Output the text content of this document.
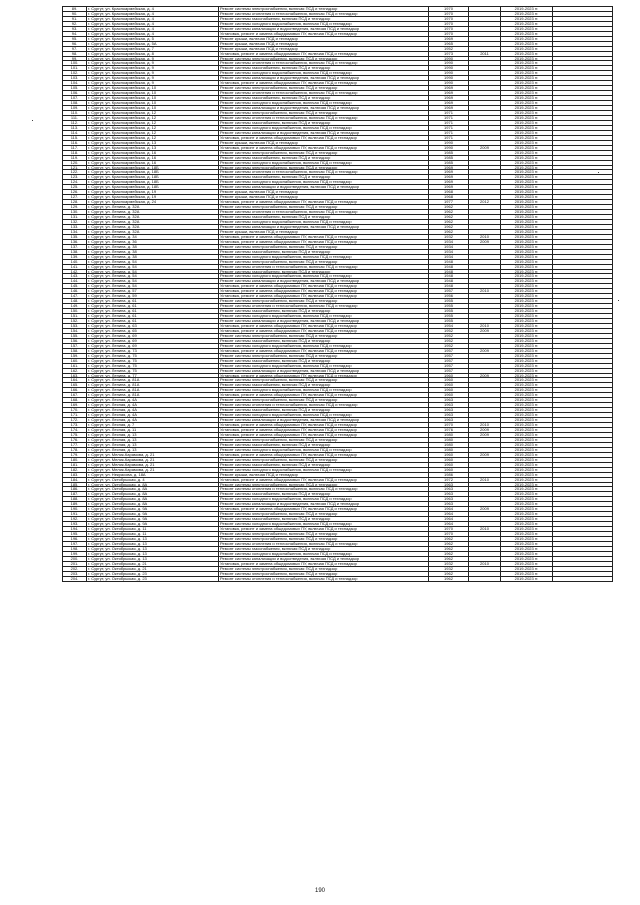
89.	г. Сургут, ул. Красноармейская, д. 4	Ремонт системы электроснабжения, включая ПСД и технадзор	1970		2019-2023 гг.	
90.	г. Сургут, ул. Красноармейская, д. 4	Ремонт системы отопления и теплоснабжения, включая ПСД и технадзор	1970		2019-2023 гг.	
91.	г. Сургут, ул. Красноармейская, д. 4	Ремонт системы газоснабжения, включая ПСД и технадзор	1970		2019-2023 гг.	
92.	г. Сургут, ул. Красноармейская, д. 4	Ремонт системы холодного водоснабжения, включая ПСД и технадзор	1970		2019-2023 гг.	
93.	г. Сургут, ул. Красноармейская, д. 4	Ремонт системы канализации и водоотведения, включая ПСД и технадзор	1970		2019-2023 гг.	
94.	г. Сургут, ул. Красноармейская, д. 4	Установка, ремонт и замена общедомовых ПУ, включая ПСД и технадзор	1970		2019-2023 гг.	
95.	г. Сургут, ул. Красноармейская, д. 5	Ремонт крыши, включая ПСД и технадзор	1969		2019-2023 гг.	
96.	г. Сургут, ул. Красноармейская, д. 5А	Ремонт крыши, включая ПСД и технадзор	1965		2019-2023 гг.	
97.	г. Сургут, ул. Красноармейская, д. 7	Ремонт крыши, включая ПСД и технадзор	1952		2019-2023 гг.	
98.	г. Сургут, ул. Красноармейская, д. 8	Установка, ремонт и замена общедомовых ПУ, включая ПСД и технадзор	1973	2011	2019-2023 гг.	
99.	г. Сургут, ул. Красноармейская, д. 9	Ремонт системы электроснабжения, включая ПСД и технадзор	1990		2019-2023 гг.	
100.	г. Сургут, ул. Красноармейская, д. 9	Ремонт системы отопления и теплоснабжения, включая ПСД и технадзор	1990		2019-2023 гг.	
101.	г. Сургут, ул. Красноармейская, д. 9	Ремонт системы газоснабжения, включая ПСД и технадзор	1990		2019-2023 гг.	
102.	г. Сургут, ул. Красноармейская, д. 9	Ремонт системы холодного водоснабжения, включая ПСД и технадзор	1990		2019-2023 гг.	
103.	г. Сургут, ул. Красноармейская, д. 9	Ремонт системы канализации и водоотведения, включая ПСД и технадзор	1990		2019-2023 гг.	
104.	г. Сургут, ул. Красноармейская, д. 9	Установка, ремонт и замена общедомовых ПУ, включая ПСД и технадзор	1990		2019-2023 гг.	
105.	г. Сургут, ул. Красноармейская, д. 10	Ремонт системы электроснабжения, включая ПСД и технадзор	1969		2019-2023 гг.	
106.	г. Сургут, ул. Красноармейская, д. 10	Ремонт системы отопления и теплоснабжения, включая ПСД и технадзор	1969		2019-2023 гг.	
107.	г. Сургут, ул. Красноармейская, д. 10	Ремонт системы газоснабжения, включая ПСД и технадзор	1969		2019-2023 гг.	
108.	г. Сургут, ул. Красноармейская, д. 10	Ремонт системы холодного водоснабжения, включая ПСД и технадзор	1969		2019-2023 гг.	
109.	г. Сургут, ул. Красноармейская, д. 10	Ремонт системы канализации и водоотведения, включая ПСД и технадзор	1969		2019-2023 гг.	
110.	г. Сургут, ул. Красноармейская, д. 12	Ремонт системы электроснабжения, включая ПСД и технадзор	1971		2019-2023 гг.	
111.	г. Сургут, ул. Красноармейская, д. 12	Ремонт системы отопления и теплоснабжения, включая ПСД и технадзор	1971		2019-2023 гг.	
112.	г. Сургут, ул. Красноармейская, д. 12	Ремонт системы газоснабжения, включая ПСД и технадзор	1971		2019-2023 гг.	
113.	г. Сургут, ул. Красноармейская, д. 12	Ремонт системы холодного водоснабжения, включая ПСД и технадзор	1971		2019-2023 гг.	
114.	г. Сургут, ул. Красноармейская, д. 12	Ремонт системы канализации и водоотведения, включая ПСД и технадзор	1971		2019-2023 гг.	
115.	г. Сургут, ул. Красноармейская, д. 12	Установка, ремонт и замена общедомовых ПУ, включая ПСД и технадзор	1971		2019-2023 гг.	
116.	г. Сургут, ул. Красноармейская, д. 13	Ремонт крыши, включая ПСД и технадзор	1990		2019-2023 гг.	
117.	г. Сургут, ул. Красноармейская, д. 13	Установка, ремонт и замена общедомовых ПУ, включая ПСД и технадзор	1990	2009	2019-2023 гг.	
118.	г. Сургут, ул. Красноармейская, д. 16	Ремонт системы электроснабжения, включая ПСД и технадзор	1985		2019-2023 гг.	
119.	г. Сургут, ул. Красноармейская, д. 16	Ремонт системы газоснабжения, включая ПСД и технадзор	1985		2019-2023 гг.	
120.	г. Сургут, ул. Красноармейская, д. 16	Ремонт системы холодного водоснабжения, включая ПСД и технадзор	1985		2019-2023 гг.	
121.	г. Сургут, ул. Красноармейская, д. 18Б	Ремонт системы электроснабжения, включая ПСД и технадзор	1969		2019-2023 гг.	
122.	г. Сургут, ул. Красноармейская, д. 18Б	Ремонт системы отопления и теплоснабжения, включая ПСД и технадзор	1969		2019-2023 гг.	
123.	г. Сургут, ул. Красноармейская, д. 18Б	Ремонт системы газоснабжения, включая ПСД и технадзор	1969		2019-2023 гг.	
124.	г. Сургут, ул. Красноармейская, д. 18Б	Ремонт системы холодного водоснабжения, включая ПСД и технадзор	1969		2019-2023 гг.	
125.	г. Сургут, ул. Красноармейская, д. 18Б	Ремонт системы канализации и водоотведения, включая ПСД и технадзор	1969		2019-2023 гг.	
126.	г. Сургут, ул. Красноармейская, д. 19	Ремонт крыши, включая ПСД и технадзор	1968		2019-2023 гг.	
127.	г. Сургут, ул. Красноармейская, д. 19	Ремонт крыши, включая ПСД и технадзор	1968		2019-2023 гг.	
128.	г. Сургут, ул. Красноармейская, д. 24	Установка, ремонт и замена общедомовых ПУ, включая ПСД и технадзор	1977	2012	2019-2023 гг.	
129.	г. Сургут, ул. Ленина, д. 32А	Ремонт системы электроснабжения, включая ПСД и технадзор	1962		2019-2023 гг.	
130.	г. Сургут, ул. Ленина, д. 32А	Ремонт системы отопления и теплоснабжения, включая ПСД и технадзор	1962		2019-2023 гг.	
131.	г. Сургут, ул. Ленина, д. 32А	Ремонт системы газоснабжения, включая ПСД и технадзор	1962		2019-2023 гг.	
132.	г. Сургут, ул. Ленина, д. 32А	Ремонт системы холодного водоснабжения, включая ПСД и технадзор	1962		2019-2023 гг.	
133.	г. Сургут, ул. Ленина, д. 32А	Ремонт системы канализации и водоотведения, включая ПСД и технадзор	1962		2019-2023 гг.	
134.	г. Сургут, ул. Ленина, д. 32А	Ремонт крыши, включая ПСД и технадзор	1962		2019-2023 гг.	
135.	г. Сургут, ул. Ленина, д. 34	Установка, ремонт и замена общедомовых ПУ, включая ПСД и технадзор	1932	2010	2019-2023 гг.	
136.	г. Сургут, ул. Ленина, д. 36	Установка, ремонт и замена общедомовых ПУ, включая ПСД и технадзор	1934	2009	2019-2023 гг.	
137.	г. Сургут, ул. Ленина, д. 38	Ремонт системы электроснабжения, включая ПСД и технадзор	1934		2019-2023 гг.	
138.	г. Сургут, ул. Ленина, д. 38	Ремонт системы газоснабжения, включая ПСД и технадзор	1934		2019-2023 гг.	
139.	г. Сургут, ул. Ленина, д. 38	Ремонт системы холодного водоснабжения, включая ПСД и технадзор	1934		2019-2023 гг.	
140.	г. Сургут, ул. Ленина, д. 54	Ремонт системы электроснабжения, включая ПСД и технадзор	1948		2019-2023 гг.	
141.	г. Сургут, ул. Ленина, д. 54	Ремонт системы отопления и теплоснабжения, включая ПСД и технадзор	1948		2019-2023 гг.	
142.	г. Сургут, ул. Ленина, д. 54	Ремонт системы газоснабжения, включая ПСД и технадзор	1948		2019-2023 гг.	
143.	г. Сургут, ул. Ленина, д. 54	Ремонт системы холодного водоснабжения, включая ПСД и технадзор	1948		2019-2023 гг.	
144.	г. Сургут, ул. Ленина, д. 54	Ремонт системы канализации и водоотведения, включая ПСД и технадзор	1948		2019-2023 гг.	
145.	г. Сургут, ул. Ленина, д. 54	Установка, ремонт и замена общедомовых ПУ, включая ПСД и технадзор	1948		2019-2023 гг.	
146.	г. Сургут, ул. Ленина, д. 57	Установка, ремонт и замена общедомовых ПУ, включая ПСД и технадзор	1957	2010	2019-2023 гг.	
147.	г. Сургут, ул. Ленина, д. 59	Установка, ремонт и замена общедомовых ПУ, включая ПСД и технадзор	1956		2019-2023 гг.	
148.	г. Сургут, ул. Ленина, д. 61	Ремонт системы электроснабжения, включая ПСД и технадзор	1955		2019-2023 гг.	
149.	г. Сургут, ул. Ленина, д. 61	Ремонт системы отопления и теплоснабжения, включая ПСД и технадзор	1955		2019-2023 гг.	
150.	г. Сургут, ул. Ленина, д. 61	Ремонт системы газоснабжения, включая ПСД и технадзор	1955		2019-2023 гг.	
151.	г. Сургут, ул. Ленина, д. 61	Ремонт системы холодного водоснабжения, включая ПСД и технадзор	1955		2019-2023 гг.	
152.	г. Сургут, ул. Ленина, д. 61	Ремонт системы канализации и водоотведения, включая ПСД и технадзор	1955		2019-2023 гг.	
153.	г. Сургут, ул. Ленина, д. 63	Установка, ремонт и замена общедомовых ПУ, включая ПСД и технадзор	1954	2010	2019-2023 гг.	
154.	г. Сургут, ул. Ленина, д. 65	Установка, ремонт и замена общедомовых ПУ, включая ПСД и технадзор	1952	2009	2019-2023 гг.	
155.	г. Сургут, ул. Ленина, д. 69	Ремонт системы электроснабжения, включая ПСД и технадзор	1952		2019-2023 гг.	
156.	г. Сургут, ул. Ленина, д. 69	Ремонт системы газоснабжения, включая ПСД и технадзор	1952		2019-2023 гг.	
157.	г. Сургут, ул. Ленина, д. 69	Ремонт системы холодного водоснабжения, включая ПСД и технадзор	1952		2019-2023 гг.	
158.	г. Сургут, ул. Ленина, д. 73	Установка, ремонт и замена общедомовых ПУ, включая ПСД и технадзор	1957	2009	2019-2023 гг.	
159.	г. Сургут, ул. Ленина, д. 75	Ремонт системы электроснабжения, включая ПСД и технадзор	1957		2019-2023 гг.	
160.	г. Сургут, ул. Ленина, д. 75	Ремонт системы газоснабжения, включая ПСД и технадзор	1957		2019-2023 гг.	
161.	г. Сургут, ул. Ленина, д. 75	Ремонт системы холодного водоснабжения, включая ПСД и технадзор	1957		2019-2023 гг.	
162.	г. Сургут, ул. Ленина, д. 75	Ремонт системы канализации и водоотведения, включая ПСД и технадзор	1957		2019-2023 гг.	
163.	г. Сургут, ул. Ленина, д. 77	Установка, ремонт и замена общедомовых ПУ, включая ПСД и технадзор	1960	2009	2019-2023 гг.	
164.	г. Сургут, ул. Ленина, д. 81А	Ремонт системы электроснабжения, включая ПСД и технадзор	1960		2019-2023 гг.	
165.	г. Сургут, ул. Ленина, д. 81А	Ремонт системы газоснабжения, включая ПСД и технадзор	1960		2019-2023 гг.	
166.	г. Сургут, ул. Ленина, д. 81А	Ремонт системы холодного водоснабжения, включая ПСД и технадзор	1960		2019-2023 гг.	
167.	г. Сургут, ул. Ленина, д. 81А	Установка, ремонт и замена общедомовых ПУ, включая ПСД и технадзор	1960		2019-2023 гг.	
168.	г. Сургут, ул. Лесная, д. 4А	Ремонт системы электроснабжения, включая ПСД и технадзор	1963		2019-2023 гг.	
169.	г. Сургут, ул. Лесная, д. 4А	Ремонт системы отопления и теплоснабжения, включая ПСД и технадзор	1963		2019-2023 гг.	
170.	г. Сургут, ул. Лесная, д. 4А	Ремонт системы газоснабжения, включая ПСД и технадзор	1963		2019-2023 гг.	
171.	г. Сургут, ул. Лесная, д. 4А	Ремонт системы холодного водоснабжения, включая ПСД и технадзор	1963		2019-2023 гг.	
172.	г. Сургут, ул. Лесная, д. 4А	Ремонт системы канализации и водоотведения, включая ПСД и технадзор	1963		2019-2023 гг.	
173.	г. Сургут, ул. Лесная, д. 7	Установка, ремонт и замена общедомовых ПУ, включая ПСД и технадзор	1970	2010	2019-2023 гг.	
174.	г. Сургут, ул. Лесная, д. 11	Установка, ремонт и замена общедомовых ПУ, включая ПСД и технадзор	1976	2009	2019-2023 гг.	
175.	г. Сургут, ул. Лесная, д. 13	Установка, ремонт и замена общедомовых ПУ, включая ПСД и технадзор	1980	2009	2019-2023 гг.	
176.	г. Сургут, ул. Лесная, д. 13	Ремонт системы электроснабжения, включая ПСД и технадзор	1980		2019-2023 гг.	
177.	г. Сургут, ул. Лесная, д. 13	Ремонт системы газоснабжения, включая ПСД и технадзор	1980		2019-2023 гг.	
178.	г. Сургут, ул. Лесная, д. 13	Ремонт системы холодного водоснабжения, включая ПСД и технадзор	1980		2019-2023 гг.	
179.	г. Сургут, ул. Мелик-Карамова, д. 21	Установка, ремонт и замена общедомовых ПУ, включая ПСД и технадзор	1960	2009	2019-2023 гг.	
180.	г. Сургут, ул. Мелик-Карамова, д. 21	Ремонт системы электроснабжения, включая ПСД и технадзор	1960		2019-2023 гг.	
181.	г. Сургут, ул. Мелик-Карамова, д. 21	Ремонт системы газоснабжения, включая ПСД и технадзор	1960		2019-2023 гг.	
182.	г. Сургут, ул. Мелик-Карамова, д. 21	Ремонт системы холодного водоснабжения, включая ПСД и технадзор	1960		2019-2023 гг.	
183.	г. Сургут, ул. Некрасова, д. 18А	Ремонт крыши, включая ПСД и технадзор	1986		2019-2023 гг.	
184.	г. Сургут, ул. Октябрьская, д. 4	Установка, ремонт и замена общедомовых ПУ, включая ПСД и технадзор	1972	2010	2019-2023 гг.	
185.	г. Сургут, ул. Октябрьская, д. 8А	Ремонт системы электроснабжения, включая ПСД и технадзор	1963		2019-2023 гг.	
186.	г. Сургут, ул. Октябрьская, д. 8А	Ремонт системы отопления и теплоснабжения, включая ПСД и технадзор	1963		2019-2023 гг.	
187.	г. Сургут, ул. Октябрьская, д. 8А	Ремонт системы газоснабжения, включая ПСД и технадзор	1963		2019-2023 гг.	
188.	г. Сургут, ул. Октябрьская, д. 8А	Ремонт системы холодного водоснабжения, включая ПСД и технадзор	1963		2019-2023 гг.	
189.	г. Сургут, ул. Октябрьская, д. 8А	Ремонт системы канализации и водоотведения, включая ПСД и технадзор	1963		2019-2023 гг.	
190.	г. Сургут, ул. Октябрьская, д. 9А	Установка, ремонт и замена общедомовых ПУ, включая ПСД и технадзор	1964	2009	2019-2023 гг.	
191.	г. Сургут, ул. Октябрьская, д. 9А	Ремонт системы электроснабжения, включая ПСД и технадзор	1964		2019-2023 гг.	
192.	г. Сургут, ул. Октябрьская, д. 9А	Ремонт системы газоснабжения, включая ПСД и технадзор	1964		2019-2023 гг.	
193.	г. Сургут, ул. Октябрьская, д. 9А	Ремонт системы холодного водоснабжения, включая ПСД и технадзор	1964		2019-2023 гг.	
194.	г. Сургут, ул. Октябрьская, д. 11	Установка, ремонт и замена общедомовых ПУ, включая ПСД и технадзор	1970	2010	2019-2023 гг.	
195.	г. Сургут, ул. Октябрьская, д. 11	Ремонт системы электроснабжения, включая ПСД и технадзор	1970		2019-2023 гг.	
196.	г. Сургут, ул. Октябрьская, д. 13	Ремонт системы электроснабжения, включая ПСД и технадзор	1962		2019-2023 гг.	
197.	г. Сургут, ул. Октябрьская, д. 13	Ремонт системы отопления и теплоснабжения, включая ПСД и технадзор	1962		2019-2023 гг.	
198.	г. Сургут, ул. Октябрьская, д. 13	Ремонт системы газоснабжения, включая ПСД и технадзор	1962		2019-2023 гг.	
199.	г. Сургут, ул. Октябрьская, д. 13	Ремонт системы холодного водоснабжения, включая ПСД и технадзор	1962		2019-2023 гг.	
200.	г. Сургут, ул. Октябрьская, д. 13	Ремонт системы канализации и водоотведения, включая ПСД и технадзор	1962		2019-2023 гг.	
201.	г. Сургут, ул. Октябрьская, д. 21	Установка, ремонт и замена общедомовых ПУ, включая ПСД и технадзор	1932	2010	2019-2023 гг.	
202.	г. Сургут, ул. Октябрьская, д. 21	Ремонт системы электроснабжения, включая ПСД и технадзор	1932		2019-2023 гг.	
203.	г. Сургут, ул. Октябрьская, д. 23	Ремонт системы электроснабжения, включая ПСД и технадзор	1962		2019-2023 гг.	
204.	г. Сургут, ул. Октябрьская, д. 23	Ремонт системы отопления и теплоснабжения, включая ПСД и технадзор	1962		2019-2023 гг.	
190
